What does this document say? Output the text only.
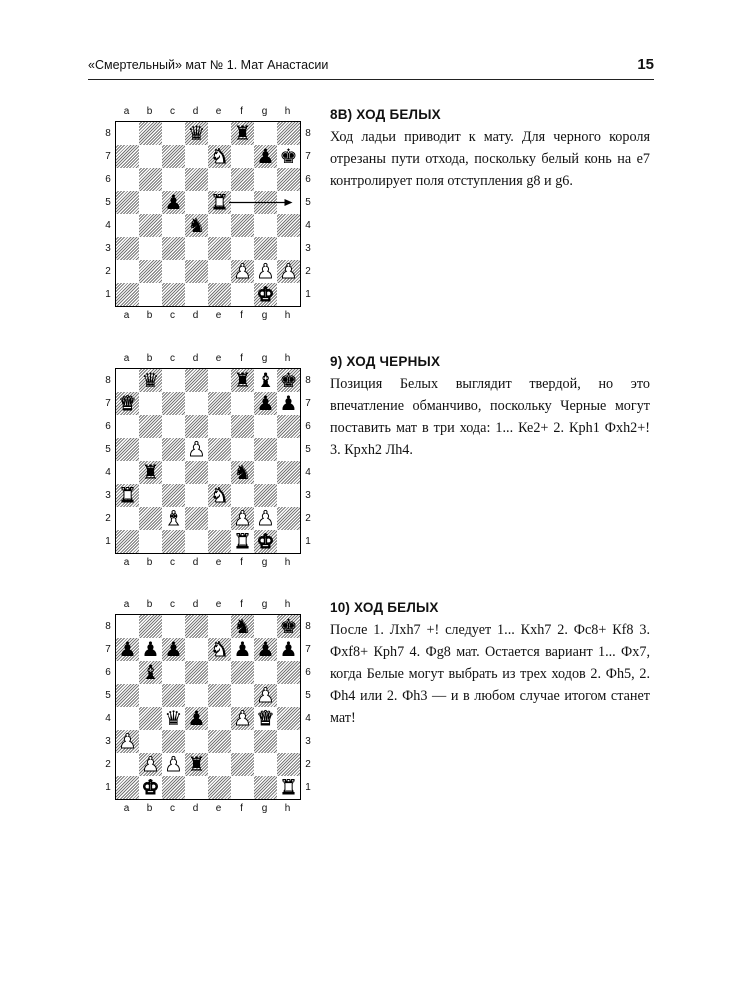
«Смертельный» мат № 1. Мат Анастасии	15
a
a
b
b
c
c
d
d
e
e
f
f
g
g
h
h
8	8
7	7
6	6
5	5
4	4
3	3
2	2
1	1
♛ ♜
♞ ♟ ♚
♟ ♜
♞
♟ ♟ ♟
♚

8В) ХОД БЕЛЫХ

Ход ладьи приводит к мату. Для черного короля отрезаны пути отхода, поскольку белый конь на e7 контролирует поля отступления g8 и g6.

a
a
b
b
c
c
d
d
e
e
f
f
g
g
h
h
8	8
7	7
6	6
5	5
4	4
3	3
2	2
1	1
♛	♜ ♝ ♚
♛	♟ ♟
♟
♜	♞
♜	♞
♝	♟ ♟
♜ ♚

9) ХОД ЧЕРНЫХ

Позиция Белых выглядит твердой, но это впечатление обманчиво, поскольку Черные могут поставить мат в три хода: 1... Ке2+ 2. Крh1 Фxh2+! 3. Крxh2 Лh4.

a
a
b
b
c
c
d
d
e
e
f
f
g
g
h
h
8	8
7	7
6	6
5	5
4	4
3	3
2	2
1	1
♞ ♚
♟ ♟ ♟ ♞ ♟ ♟ ♟
♝
♟
♛ ♟ ♟ ♛
♟
♟ ♟ ♜
♚	♜

10) ХОД БЕЛЫХ

После 1. Лxh7 +! следует 1... Кxh7 2. Фc8+ Кf8 3. Фxf8+ Крh7 4. Фg8 мат. Остается вариант 1... Фx7, когда Белые могут выбрать из трех ходов 2. Фh5, 2. Фh4 или 2. Фh3 — и в любом случае итогом станет мат!
